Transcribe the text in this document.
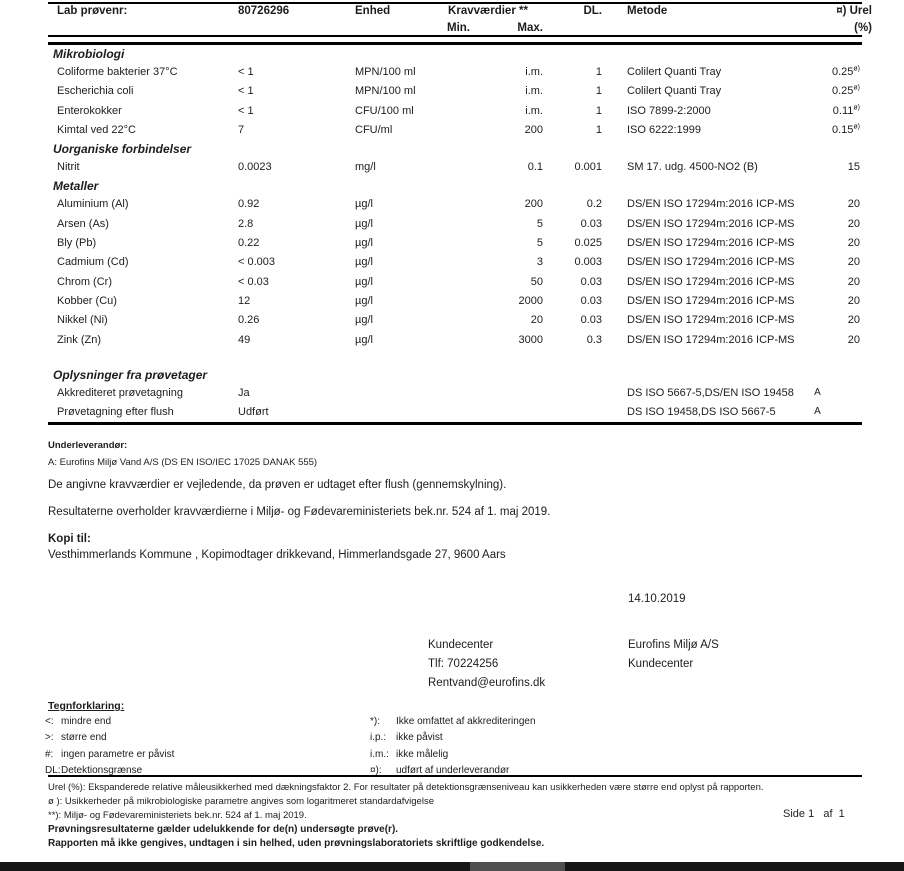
Lab prøvenr:	80726296	Enhed	Kravværdier **	DL. Metode	¤) Urel
Min.	Max.	(%)
Mikrobiologi
Coliforme bakterier 37°C	< 1	MPN/100 ml	i.m.	1 Colilert Quanti Tray	$0.25^{ø)}$
Escherichia coli	< 1	MPN/100 ml	i.m.	1 Colilert Quanti Tray	$0.25^{ø)}$
Enterokokker	< 1	CFU/100 ml	i.m.	1 ISO 7899-2:2000	$0.11^{ø)}$
Kimtal ved 22°C	7	CFU/ml	200	1 ISO 6222:1999	$0.15^{ø)}$
Uorganiske forbindelser
Nitrit	0.0023	mg/l	0.1	0.001 SM 17. udg. 4500-NO2 (B)	15
Metaller
Aluminium (Al)	0.92	µg/l	200	0.2 DS/EN ISO 17294m:2016 ICP-MS	20
Arsen (As)	2.8	µg/l	5	0.03 DS/EN ISO 17294m:2016 ICP-MS	20
Bly (Pb)	0.22	µg/l	5	0.025 DS/EN ISO 17294m:2016 ICP-MS	20
Cadmium (Cd)	< 0.003	µg/l	3	0.003 DS/EN ISO 17294m:2016 ICP-MS	20
Chrom (Cr)	< 0.03	µg/l	50	0.03 DS/EN ISO 17294m:2016 ICP-MS	20
Kobber (Cu)	12	µg/l	2000	0.03 DS/EN ISO 17294m:2016 ICP-MS	20
Nikkel (Ni)	0.26	µg/l	20	0.03 DS/EN ISO 17294m:2016 ICP-MS	20
Zink (Zn)	49	µg/l	3000	0.3 DS/EN ISO 17294m:2016 ICP-MS	20
Oplysninger fra prøvetager
Akkrediteret prøvetagning	Ja	DS ISO 5667-5,DS/EN ISO 19458	A
Prøvetagning efter flush	Udført	DS ISO 19458,DS ISO 5667-5	A
Underleverandør:
A: Eurofins Miljø Vand A/S (DS EN ISO/IEC 17025 DANAK 555)
De angivne kravværdier er vejledende, da prøven er udtaget efter flush (gennemskylning).
Resultaterne overholder kravværdierne i Miljø- og Fødevareministeriets bek.nr. 524 af 1. maj 2019.
Kopi til:
Vesthimmerlands Kommune , Kopimodtager drikkevand, Himmerlandsgade 27, 9600 Aars
14.10.2019
Kundecenter
Tlf: 70224256
Rentvand@eurofins.dk
Eurofins Miljø A/S
Kundecenter
Tegnforklaring:
<: mindre end
>: større end
#: ingen parametre er påvist
DL:Detektionsgrænse
*): Ikke omfattet af akkrediteringen
i.p.: ikke påvist
i.m.: ikke målelig
¤): udført af underleverandør
Urel (%): Ekspanderede relative måleusikkerhed med dækningsfaktor 2. For resultater på detektionsgrænseniveau kan usikkerheden være større end oplyst på rapporten.
ø ): Usikkerheder på mikrobiologiske parametre angives som logaritmeret standardafvigelse
**): Miljø- og Fødevareministeriets bek.nr. 524 af 1. maj 2019.	Side 1   af  1
Prøvningsresultaterne gælder udelukkende for de(n) undersøgte prøve(r).
Rapporten må ikke gengives, undtagen i sin helhed, uden prøvningslaboratoriets skriftlige godkendelse.
